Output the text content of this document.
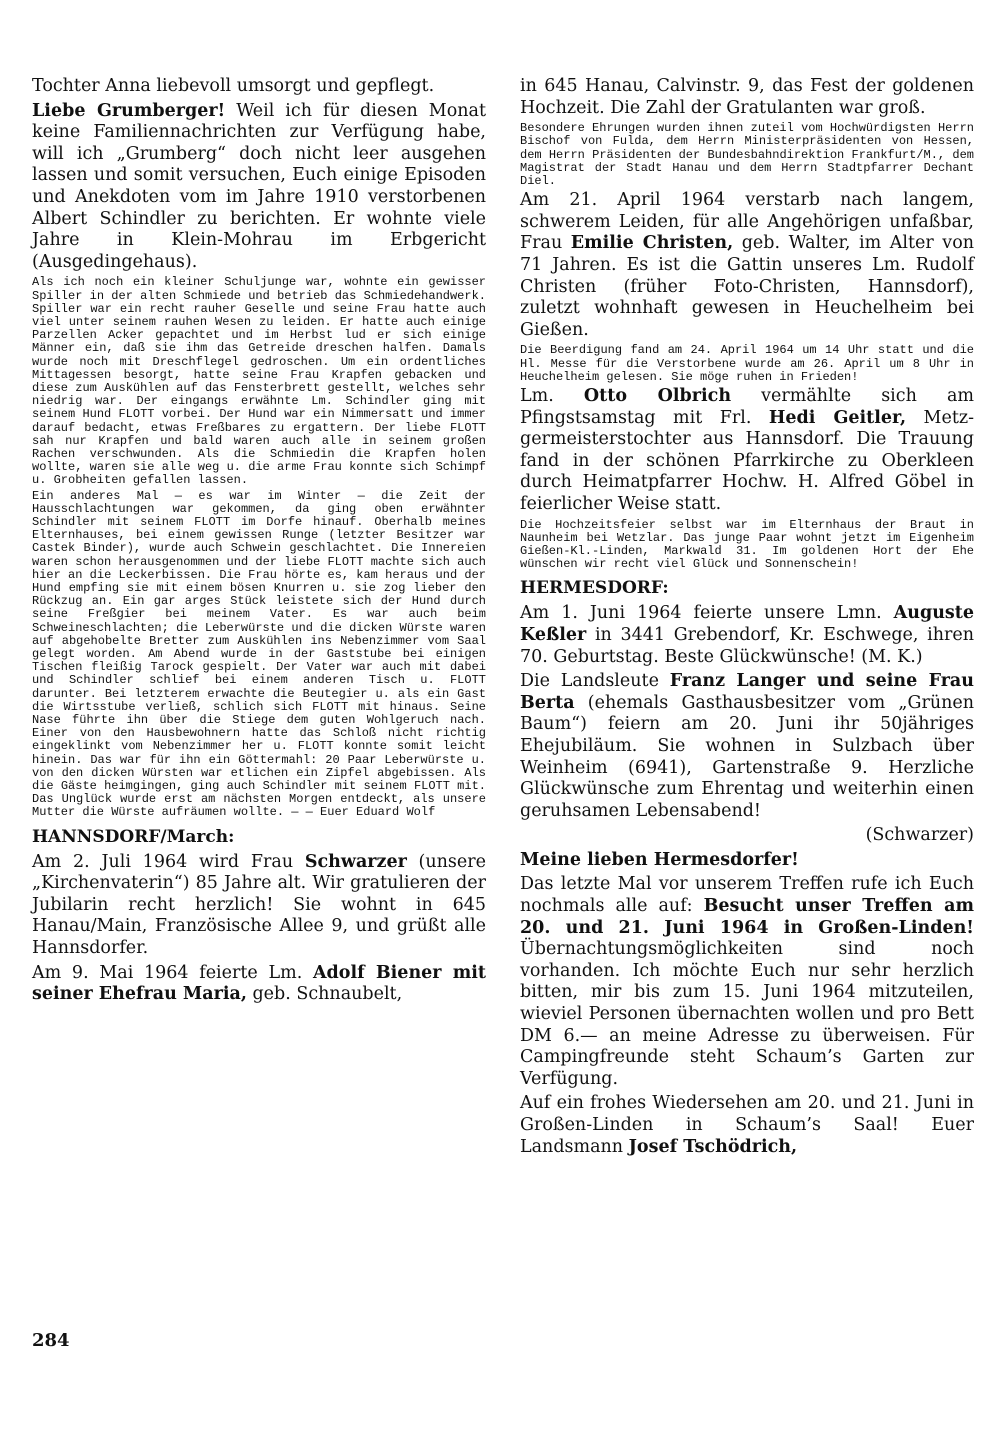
Tochter Anna liebevoll umsorgt und gepflegt.

Liebe Grumberger! Weil ich für diesen Monat keine Familiennachrichten zur Verfügung habe, will ich „Grumberg“ doch nicht leer ausgehen lassen und somit versuchen, Euch einige Episoden und Anekdoten vom im Jahre 1910 verstorbenen Albert Schindler zu berichten. Er wohnte viele Jahre in Klein-Mohrau im Erbgericht (Ausgedingehaus).

Als ich noch ein kleiner Schuljunge war, wohnte ein gewisser Spiller in der alten Schmiede und betrieb das Schmiedehandwerk. Spiller war ein recht rauher Geselle und seine Frau hatte auch viel unter seinem rauhen Wesen zu leiden. Er hatte auch einige Parzellen Acker gepachtet und im Herbst lud er sich einige Männer ein, daß sie ihm das Getreide dreschen halfen. Damals wurde noch mit Dreschflegel gedroschen. Um ein ordentliches Mittagessen besorgt, hatte seine Frau Krapfen gebacken und diese zum Auskühlen auf das Fensterbrett gestellt, welches sehr niedrig war. Der eingangs erwähnte Lm. Schindler ging mit seinem Hund FLOTT vorbei. Der Hund war ein Nimmersatt und immer darauf bedacht, etwas Freßbares zu ergattern. Der liebe FLOTT sah nur Krapfen und bald waren auch alle in seinem großen Rachen verschwunden. Als die Schmiedin die Krapfen holen wollte, waren sie alle weg u. die arme Frau konnte sich Schimpf u. Grobheiten gefallen lassen.

Ein anderes Mal — es war im Winter — die Zeit der Hausschlachtungen war gekommen, da ging oben erwähnter Schindler mit seinem FLOTT im Dorfe hinauf. Oberhalb meines Elternhauses, bei einem gewissen Runge (letzter Besitzer war Castek Binder), wurde auch Schwein geschlachtet. Die Innereien waren schon herausgenommen und der liebe FLOTT machte sich auch hier an die Leckerbissen. Die Frau hörte es, kam heraus und der Hund empfing sie mit einem bösen Knurren u. sie zog lieber den Rückzug an. Ein gar arges Stück leistete sich der Hund durch seine Freßgier bei meinem Vater. Es war auch beim Schweineschlachten; die Leberwürste und die dicken Würste waren auf abgehobelte Bretter zum Auskühlen ins Nebenzimmer vom Saal gelegt worden. Am Abend wurde in der Gaststube bei einigen Tischen fleißig Tarock gespielt. Der Vater war auch mit dabei und Schindler schlief bei einem anderen Tisch u. FLOTT darunter. Bei letzterem erwachte die Beutegier u. als ein Gast die Wirtsstube verließ, schlich sich FLOTT mit hinaus. Seine Nase führte ihn über die Stiege dem guten Wohlgeruch nach. Einer von den Hausbewohnern hatte das Schloß nicht richtig eingeklinkt vom Nebenzimmer her u. FLOTT konnte somit leicht hinein. Das war für ihn ein Göttermahl: 20 Paar Leberwürste u. von den dicken Würsten war etlichen ein Zipfel abgebissen. Als die Gäste heimgingen, ging auch Schindler mit seinem FLOTT mit. Das Unglück wurde erst am nächsten Morgen entdeckt, als unsere Mutter die Würste aufräumen wollte. — — Euer Eduard Wolf

HANNSDORF/March:

Am 2. Juli 1964 wird Frau Schwarzer (unsere „Kirchenvaterin“) 85 Jahre alt. Wir gratulieren der Jubilarin recht herzlich! Sie wohnt in 645 Hanau/Main, Französische Allee 9, und grüßt alle Hannsdorfer.

Am 9. Mai 1964 feierte Lm. Adolf Biener mit seiner Ehefrau Maria, geb. Schnaubelt,

in 645 Hanau, Calvinstr. 9, das Fest der goldenen Hochzeit. Die Zahl der Gratulanten war groß.

Besondere Ehrungen wurden ihnen zuteil vom Hochwürdigsten Herrn Bischof von Fulda, dem Herrn Ministerpräsidenten von Hessen, dem Herrn Präsidenten der Bundesbahndirektion Frankfurt/M., dem Magistrat der Stadt Hanau und dem Herrn Stadtpfarrer Dechant Diel.

Am 21. April 1964 verstarb nach langem, schwerem Leiden, für alle Angehörigen unfaßbar, Frau Emilie Christen, geb. Walter, im Alter von 71 Jahren. Es ist die Gattin unseres Lm. Rudolf Christen (früher Foto-Christen, Hannsdorf), zuletzt wohnhaft gewesen in Heuchelheim bei Gießen.

Die Beerdigung fand am 24. April 1964 um 14 Uhr statt und die Hl. Messe für die Verstorbene wurde am 26. April um 8 Uhr in Heuchelheim gelesen. Sie möge ruhen in Frieden!

Lm. Otto Olbrich vermählte sich am Pfingstsamstag mit Frl. Hedi Geitler, Metzgermeisterstochter aus Hannsdorf. Die Trauung fand in der schönen Pfarrkirche zu Oberkleen durch Heimatpfarrer Hochw. H. Alfred Göbel in feierlicher Weise statt.

Die Hochzeitsfeier selbst war im Elternhaus der Braut in Naunheim bei Wetzlar. Das junge Paar wohnt jetzt im Eigenheim Gießen-Kl.-Linden, Markwald 31. Im goldenen Hort der Ehe wünschen wir recht viel Glück und Sonnenschein!

HERMESDORF:

Am 1. Juni 1964 feierte unsere Lmn. Auguste Keßler in 3441 Grebendorf, Kr. Eschwege, ihren 70. Geburtstag. Beste Glückwünsche! (M. K.)

Die Landsleute Franz Langer und seine Frau Berta (ehemals Gasthausbesitzer vom „Grünen Baum“) feiern am 20. Juni ihr 50jähriges Ehejubiläum. Sie wohnen in Sulzbach über Weinheim (6941), Gartenstraße 9. Herzliche Glückwünsche zum Ehrentag und weiterhin einen geruhsamen Lebensabend!

(Schwarzer)

Meine lieben Hermesdorfer!

Das letzte Mal vor unserem Treffen rufe ich Euch nochmals alle auf: Besucht unser Treffen am 20. und 21. Juni 1964 in Großen-Linden! Übernachtungsmöglichkeiten sind noch vorhanden. Ich möchte Euch nur sehr herzlich bitten, mir bis zum 15. Juni 1964 mitzuteilen, wieviel Personen übernachten wollen und pro Bett DM 6.— an meine Adresse zu überweisen. Für Campingfreunde steht Schaum’s Garten zur Verfügung.

Auf ein frohes Wiedersehen am 20. und 21. Juni in Großen-Linden in Schaum’s Saal! Euer Landsmann Josef Tschödrich,

284
